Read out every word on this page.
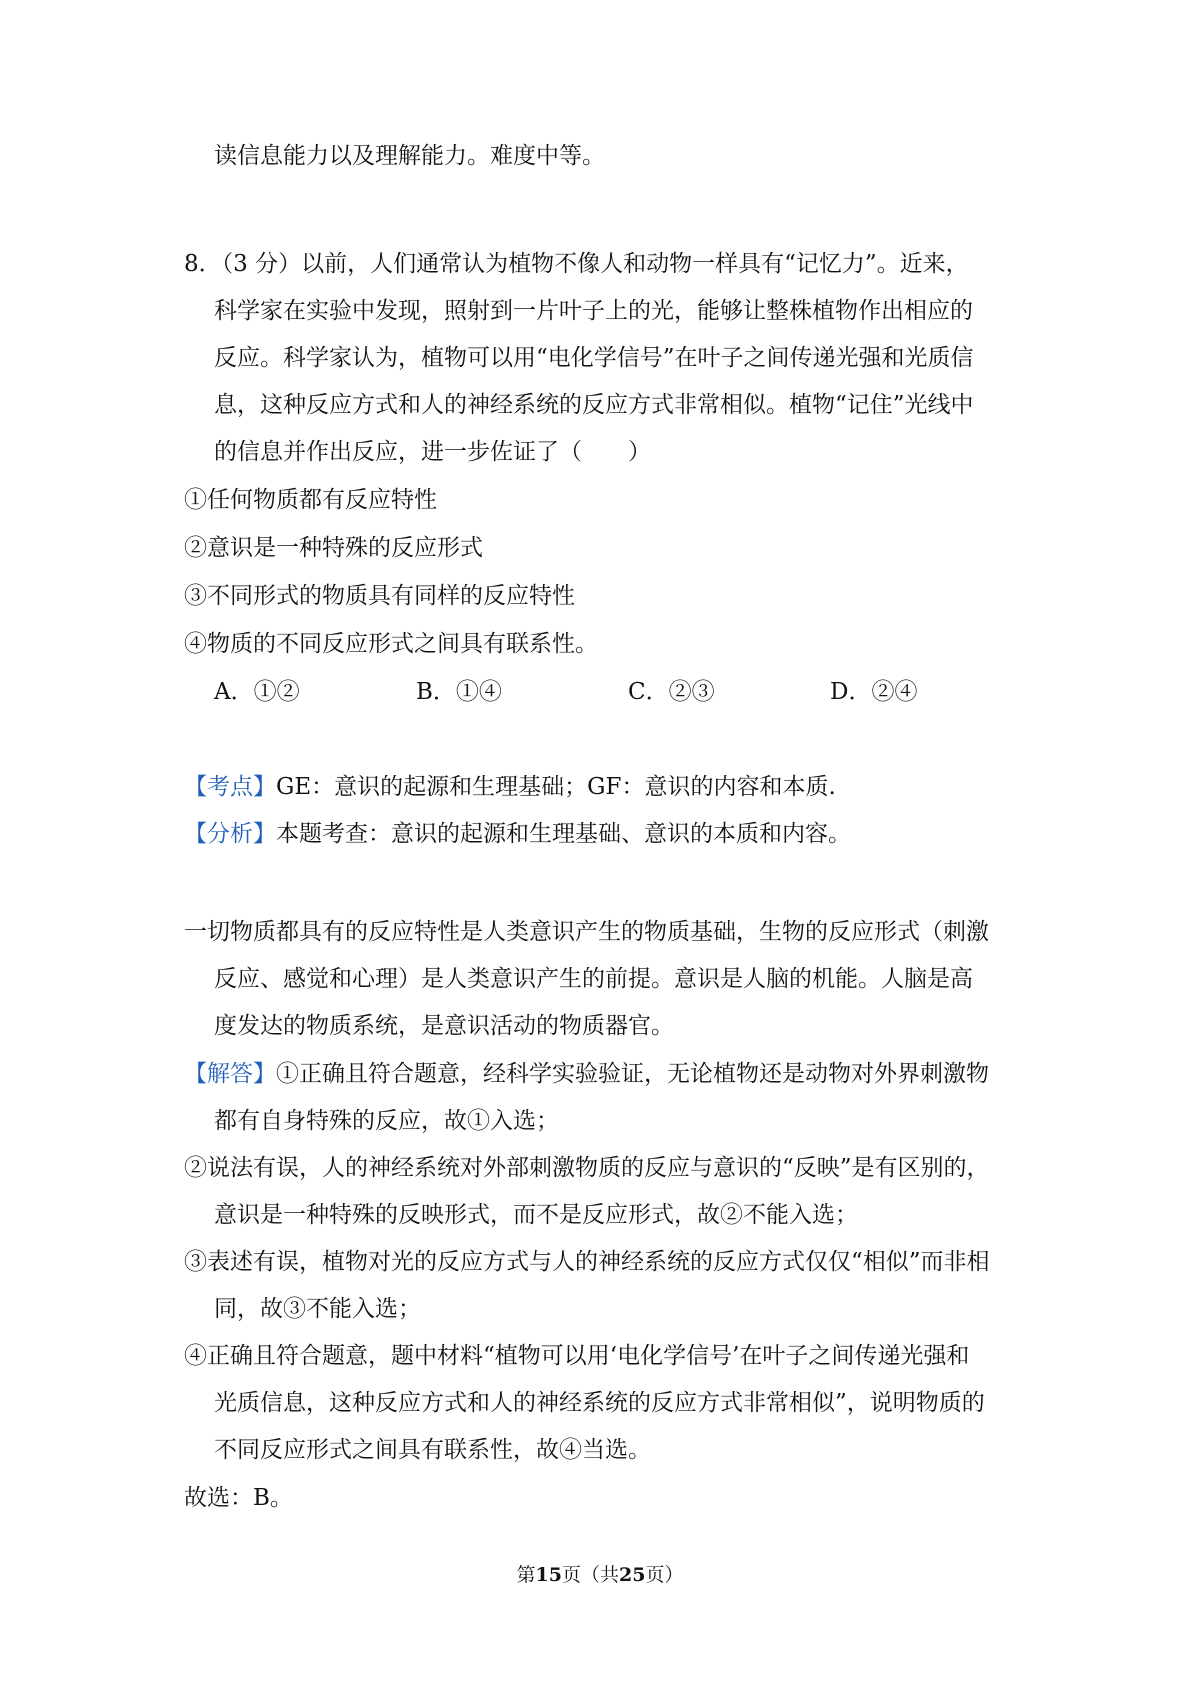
读信息能力以及理解能力。难度中等。
8．（3 分）以前，人们通常认为植物不像人和动物一样具有“记忆力”。近来，
科学家在实验中发现，照射到一片叶子上的光，能够让整株植物作出相应的
反应。科学家认为，植物可以用“电化学信号”在叶子之间传递光强和光质信
息，这种反应方式和人的神经系统的反应方式非常相似。植物“记住”光线中
的信息并作出反应，进一步佐证了（　　）
①任何物质都有反应特性
②意识是一种特殊的反应形式
③不同形式的物质具有同样的反应特性
④物质的不同反应形式之间具有联系性。
A．①②	B．①④	C．②③	D．②④
【考点】GE：意识的起源和生理基础；GF：意识的内容和本质.
【分析】本题考查：意识的起源和生理基础、意识的本质和内容。
一切物质都具有的反应特性是人类意识产生的物质基础，生物的反应形式（刺激
反应、感觉和心理）是人类意识产生的前提。意识是人脑的机能。人脑是高
度发达的物质系统，是意识活动的物质器官。
【解答】①正确且符合题意，经科学实验验证，无论植物还是动物对外界刺激物
都有自身特殊的反应，故①入选；
②说法有误，人的神经系统对外部刺激物质的反应与意识的“反映”是有区别的，
意识是一种特殊的反映形式，而不是反应形式，故②不能入选；
③表述有误，植物对光的反应方式与人的神经系统的反应方式仅仅“相似”而非相
同，故③不能入选；
④正确且符合题意，题中材料“植物可以用‘电化学信号’在叶子之间传递光强和
光质信息，这种反应方式和人的神经系统的反应方式非常相似”，说明物质的
不同反应形式之间具有联系性，故④当选。
故选：B。
第15页（共25页）
